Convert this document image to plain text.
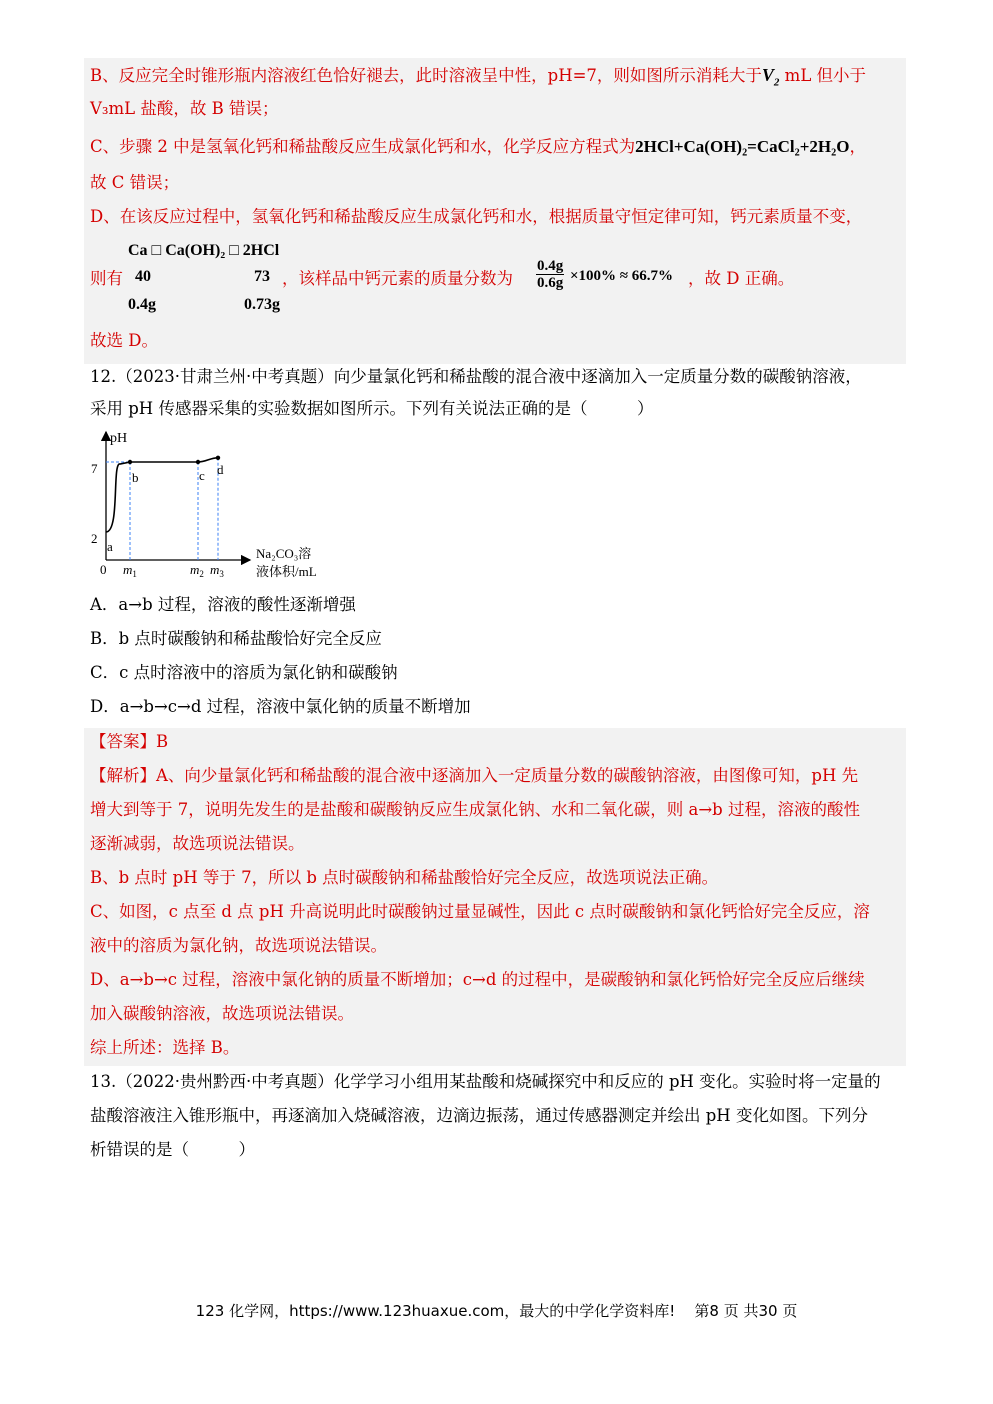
B、反应完全时锥形瓶内溶液红色恰好褪去，此时溶液呈中性，pH=7，则如图所示消耗大于$V_2$ mL 但小于
V₃mL 盐酸，故 B 错误；
C、步骤 2 中是氢氧化钙和稀盐酸反应生成氯化钙和水，化学反应方程式为2HCl+Ca(OH)₂=CaCl₂+2H₂O，
故 C 错误；
D、在该反应过程中，氢氧化钙和稀盐酸反应生成氯化钙和水，根据质量守恒定律可知，钙元素质量不变，
Ca □ Ca(OH)₂ □ 2HCl
则有 40	73 ，该样品中钙元素的质量分数为 $\frac{0.4g}{0.6g} \times 100\% \approx 66.7\%$ ，故 D 正确。
0.4g	0.73g
故选 D。
12.（2023·甘肃兰州·中考真题）向少量氯化钙和稀盐酸的混合液中逐滴加入一定质量分数的碳酸钠溶液，
采用 pH 传感器采集的实验数据如图所示。下列有关说法正确的是（　　　）
pH
7
2
0
a
b	c d
$m_1$	$m_2$ $m_3$
Na₂CO₃溶
液体积/mL
A．a→b 过程，溶液的酸性逐渐增强
B．b 点时碳酸钠和稀盐酸恰好完全反应
C．c 点时溶液中的溶质为氯化钠和碳酸钠
D．a→b→c→d 过程，溶液中氯化钠的质量不断增加
【答案】B
【解析】A、向少量氯化钙和稀盐酸的混合液中逐滴加入一定质量分数的碳酸钠溶液，由图像可知，pH 先
增大到等于 7，说明先发生的是盐酸和碳酸钠反应生成氯化钠、水和二氧化碳，则 a→b 过程，溶液的酸性
逐渐减弱，故选项说法错误。
B、b 点时 pH 等于 7，所以 b 点时碳酸钠和稀盐酸恰好完全反应，故选项说法正确。
C、如图，c 点至 d 点 pH 升高说明此时碳酸钠过量显碱性，因此 c 点时碳酸钠和氯化钙恰好完全反应，溶
液中的溶质为氯化钠，故选项说法错误。
D、a→b→c 过程，溶液中氯化钠的质量不断增加；c→d 的过程中，是碳酸钠和氯化钙恰好完全反应后继续
加入碳酸钠溶液，故选项说法错误。
综上所述：选择 B。
13.（2022·贵州黔西·中考真题）化学学习小组用某盐酸和烧碱探究中和反应的 pH 变化。实验时将一定量的
盐酸溶液注入锥形瓶中，再逐滴加入烧碱溶液，边滴边振荡，通过传感器测定并绘出 pH 变化如图。下列分
析错误的是（　　　）
123 化学网，https://www.123huaxue.com，最大的中学化学资料库! 第8 页 共30 页
